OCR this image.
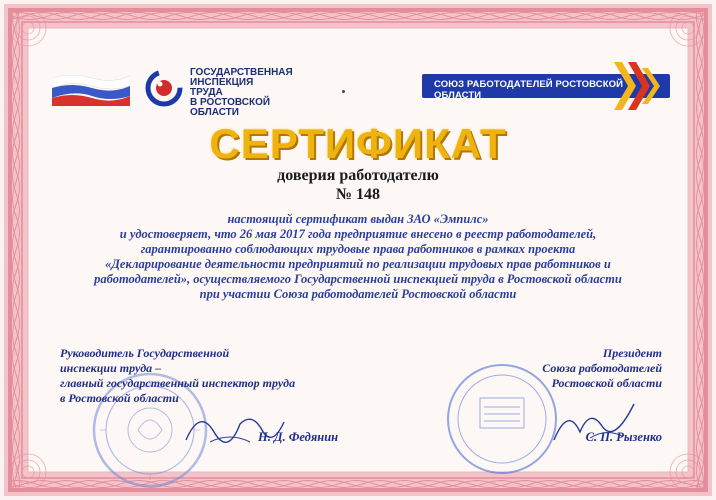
ГОСУДАРСТВЕННАЯ
ИНСПЕКЦИЯ
ТРУДА
В РОСТОВСКОЙ ОБЛАСТИ
СОЮЗ РАБОТОДАТЕЛЕЙ РОСТОВСКОЙ ОБЛАСТИ
СЕРТИФИКАТ
доверия работодателю
№ 148
настоящий сертификат выдан ЗАО «Эмпилс»
и удостоверяет, что 26 мая 2017 года предприятие внесено в реестр работодателей,
гарантированно соблюдающих трудовые права работников в рамках проекта
«Декларирование деятельности предприятий по реализации трудовых прав работников и
работодателей», осуществляемого Государственной инспекцией труда в Ростовской области
при участии Союза работодателей Ростовской области
Руководитель Государственной
инспекции труда –
главный государственный инспектор труда
в Ростовской области
Н. Д. Федянин
Президент
Союза работодателей
Ростовской области
С. П. Рызенко
